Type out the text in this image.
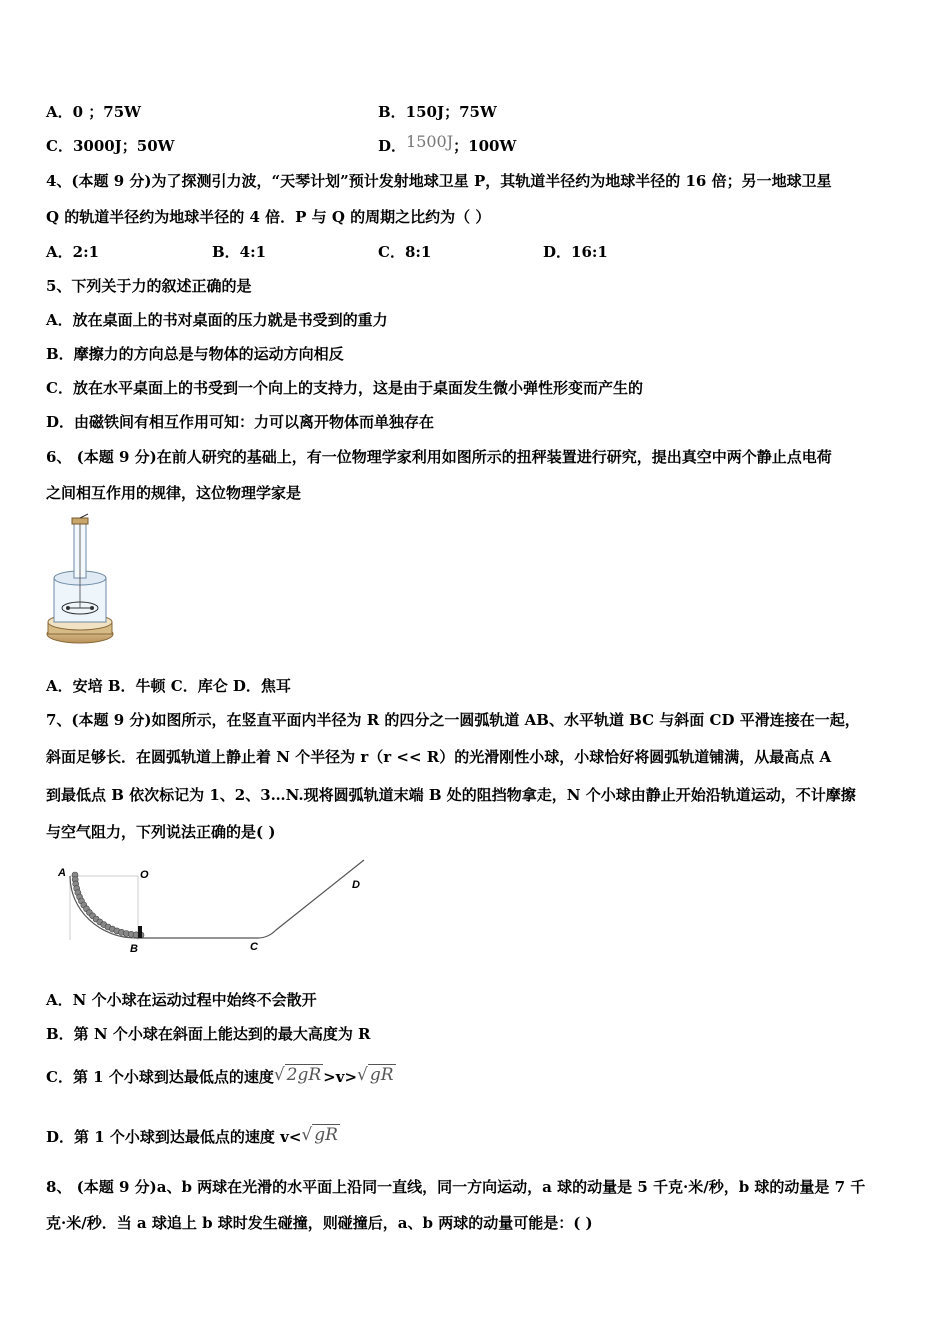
A．0 ；75W	B．150J；75W
C．3000J；50W	D．1500J；100W
4、(本题 9 分)为了探测引力波，“天琴计划”预计发射地球卫星 P，其轨道半径约为地球半径的 16 倍；另一地球卫星
Q 的轨道半径约为地球半径的 4 倍．P 与 Q 的周期之比约为（ ）
A．2:1	B．4:1	C．8:1	D．16:1
5、下列关于力的叙述正确的是
A．放在桌面上的书对桌面的压力就是书受到的重力
B．摩擦力的方向总是与物体的运动方向相反
C．放在水平桌面上的书受到一个向上的支持力，这是由于桌面发生微小弹性形变而产生的
D．由磁铁间有相互作用可知：力可以离开物体而单独存在
6、 (本题 9 分)在前人研究的基础上，有一位物理学家利用如图所示的扭秤装置进行研究，提出真空中两个静止点电荷
之间相互作用的规律，这位物理学家是
A．安培 B．牛顿 C．库仑 D．焦耳
7、(本题 9 分)如图所示，在竖直平面内半径为 R 的四分之一圆弧轨道 AB、水平轨道 BC 与斜面 CD 平滑连接在一起，
斜面足够长．在圆弧轨道上静止着 N 个半径为 r（r << R）的光滑刚性小球，小球恰好将圆弧轨道铺满，从最高点 A
到最低点 B 依次标记为 1、2、3…N.现将圆弧轨道末端 B 处的阻挡物拿走，N 个小球由静止开始沿轨道运动，不计摩擦
与空气阻力，下列说法正确的是( )
A	O
B	C
D
A．N 个小球在运动过程中始终不会散开
B．第 N 个小球在斜面上能达到的最大高度为 R
C．第 1 个小球到达最低点的速度√ 2gR >v>√ gR
D．第 1 个小球到达最低点的速度 v<√ gR
8、 (本题 9 分)a、b 两球在光滑的水平面上沿同一直线，同一方向运动，a 球的动量是 5 千克·米/秒，b 球的动量是 7 千
克·米/秒．当 a 球追上 b 球时发生碰撞，则碰撞后，a、b 两球的动量可能是：( )
